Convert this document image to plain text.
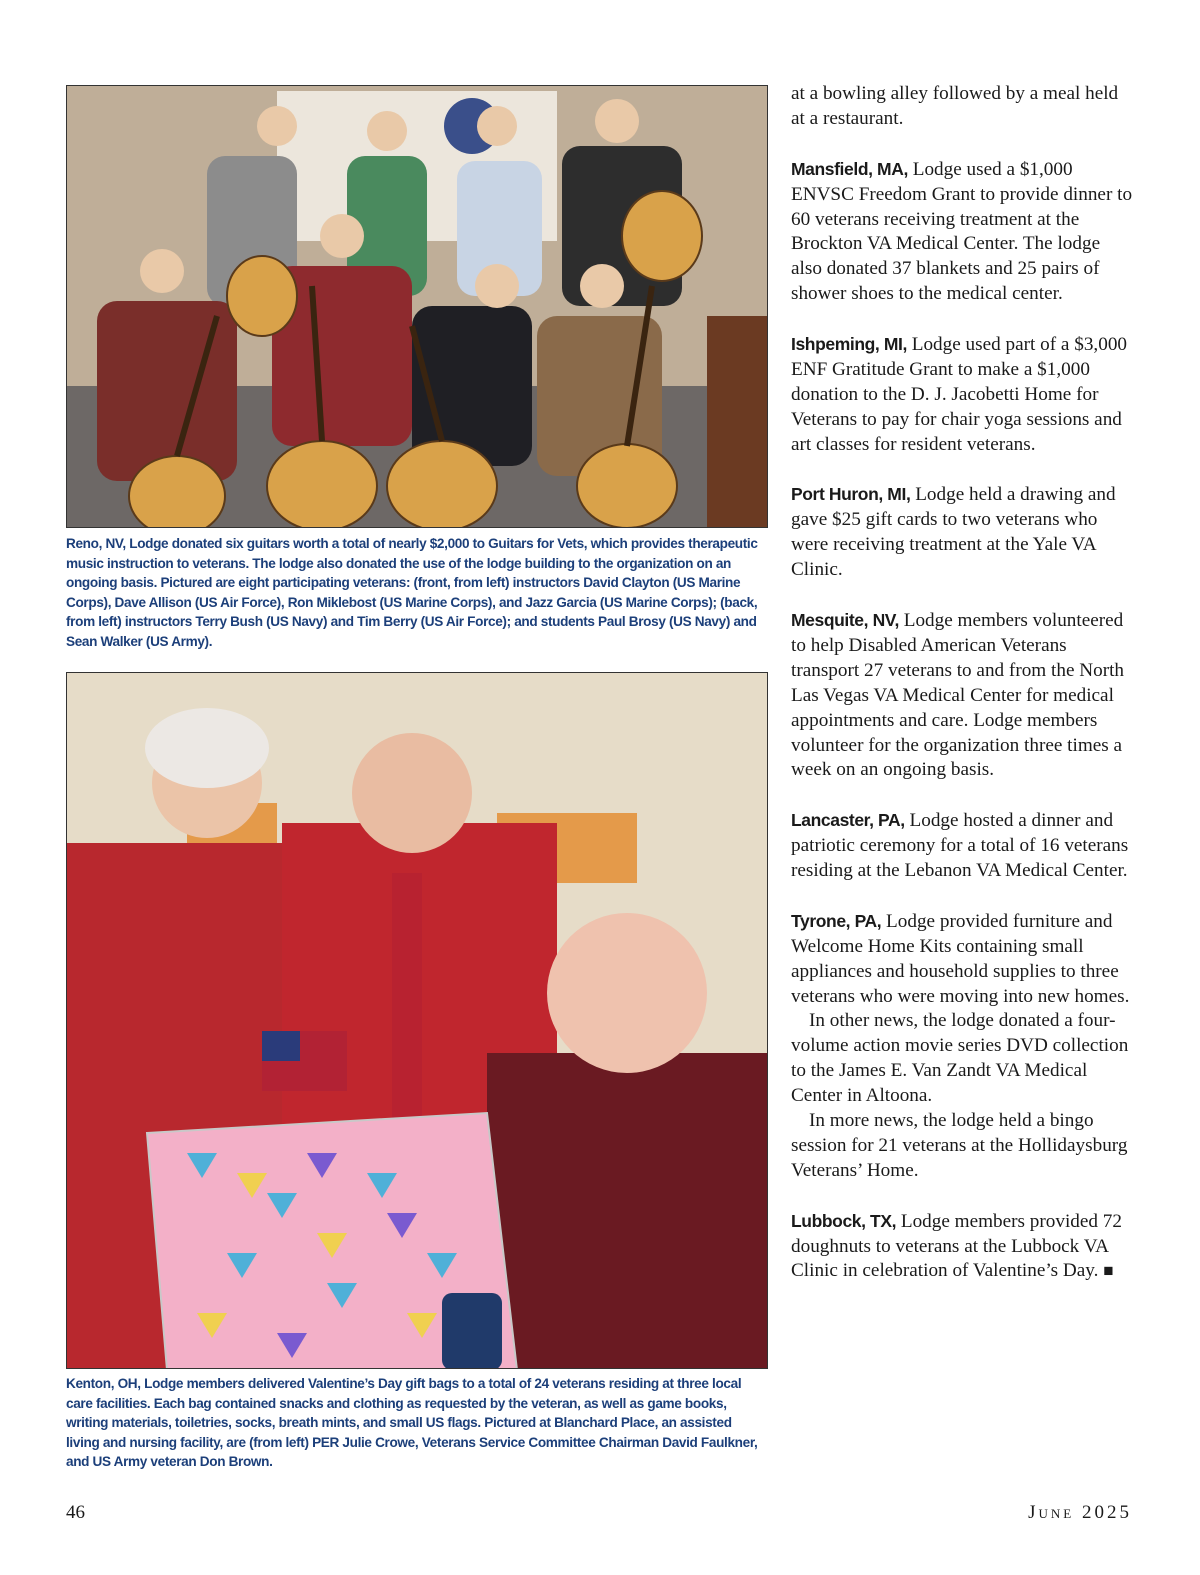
Reno, NV, Lodge donated six guitars worth a total of nearly $2,000 to Guitars for Vets, which provides therapeutic music instruction to veterans. The lodge also donated the use of the lodge building to the organization on an ongoing basis. Pictured are eight participating veterans: (front, from left) instructors David Clayton (US Marine Corps), Dave Allison (US Air Force), Ron Miklebost (US Marine Corps), and Jazz Garcia (US Marine Corps); (back, from left) instructors Terry Bush (US Navy) and Tim Berry (US Air Force); and students Paul Brosy (US Navy) and Sean Walker (US Army).

Kenton, OH, Lodge members delivered Valentine’s Day gift bags to a total of 24 veterans residing at three local care facilities. Each bag contained snacks and clothing as requested by the veteran, as well as game books, writing materials, toiletries, socks, breath mints, and small US flags. Pictured at Blanchard Place, an assisted living and nursing facility, are (from left) PER Julie Crowe, Veterans Service Committee Chairman David Faulkner, and US Army veteran Don Brown.

at a bowling alley followed by a meal held at a restaurant.

Mansfield, MA, Lodge used a $1,000 ENVSC Freedom Grant to provide dinner to 60 veterans receiving treatment at the Brockton VA Medical Center. The lodge also donated 37 blankets and 25 pairs of shower shoes to the medical center.

Ishpeming, MI, Lodge used part of a $3,000 ENF Gratitude Grant to make a $1,000 donation to the D. J. Jacobetti Home for Veterans to pay for chair yoga sessions and art classes for resident veterans.

Port Huron, MI, Lodge held a drawing and gave $25 gift cards to two veterans who were receiving treatment at the Yale VA Clinic.

Mesquite, NV, Lodge members volunteered to help Disabled American Veterans transport 27 veterans to and from the North Las Vegas VA Medical Center for medical appointments and care. Lodge members volunteer for the organization three times a week on an ongoing basis.

Lancaster, PA, Lodge hosted a dinner and patriotic ceremony for a total of 16 veterans residing at the Lebanon VA Medical Center.

Tyrone, PA, Lodge provided furniture and Welcome Home Kits containing small appliances and household supplies to three veterans who were moving into new homes.

In other news, the lodge donated a four-volume action movie series DVD collection to the James E. Van Zandt VA Medical Center in Altoona.

In more news, the lodge held a bingo session for 21 veterans at the Hollidaysburg Veterans’ Home.

Lubbock, TX, Lodge members provided 72 doughnuts to veterans at the Lubbock VA Clinic in celebration of Valentine’s Day. ■

46	June 2025
